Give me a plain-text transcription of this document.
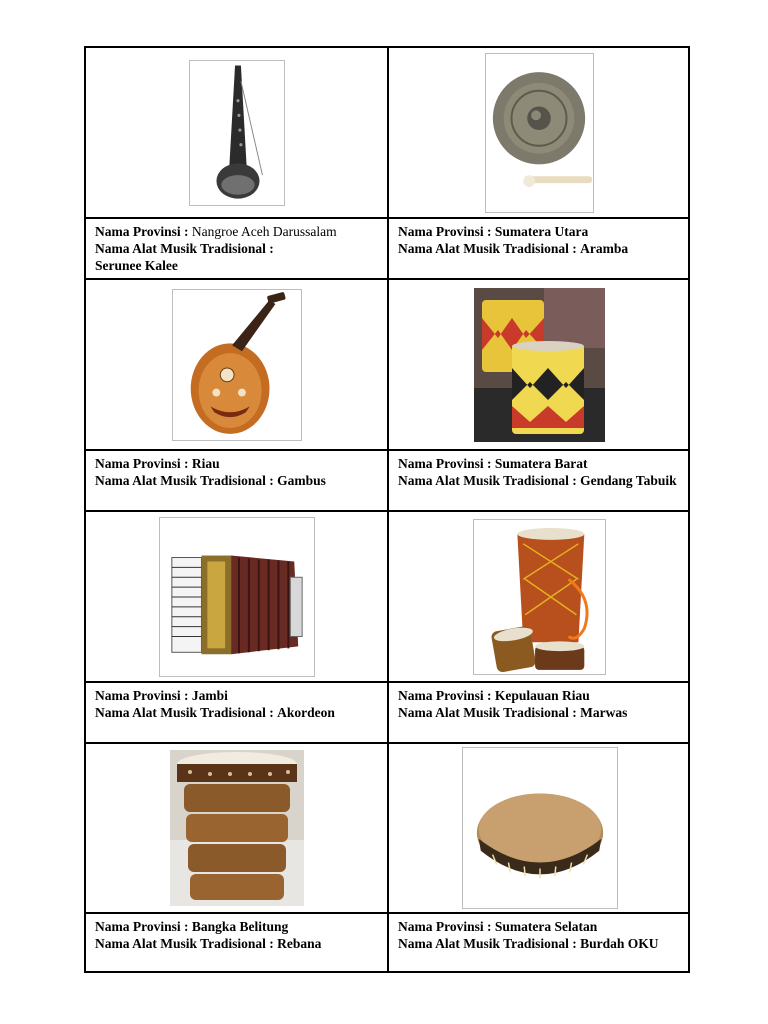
Nama Provinsi : Nangroe Aceh Darussalam
Nama Alat Musik Tradisional :
Serunee Kalee
Nama Provinsi : Sumatera Utara
Nama Alat Musik Tradisional : Aramba
Nama Provinsi : Riau
Nama Alat Musik Tradisional : Gambus
Nama Provinsi : Sumatera Barat
Nama Alat Musik Tradisional : Gendang Tabuik
Nama Provinsi : Jambi
Nama Alat Musik Tradisional : Akordeon
Nama Provinsi : Kepulauan Riau
Nama Alat Musik Tradisional : Marwas
Nama Provinsi : Bangka Belitung
Nama Alat Musik Tradisional : Rebana
Nama Provinsi : Sumatera Selatan
Nama Alat Musik Tradisional : Burdah OKU
